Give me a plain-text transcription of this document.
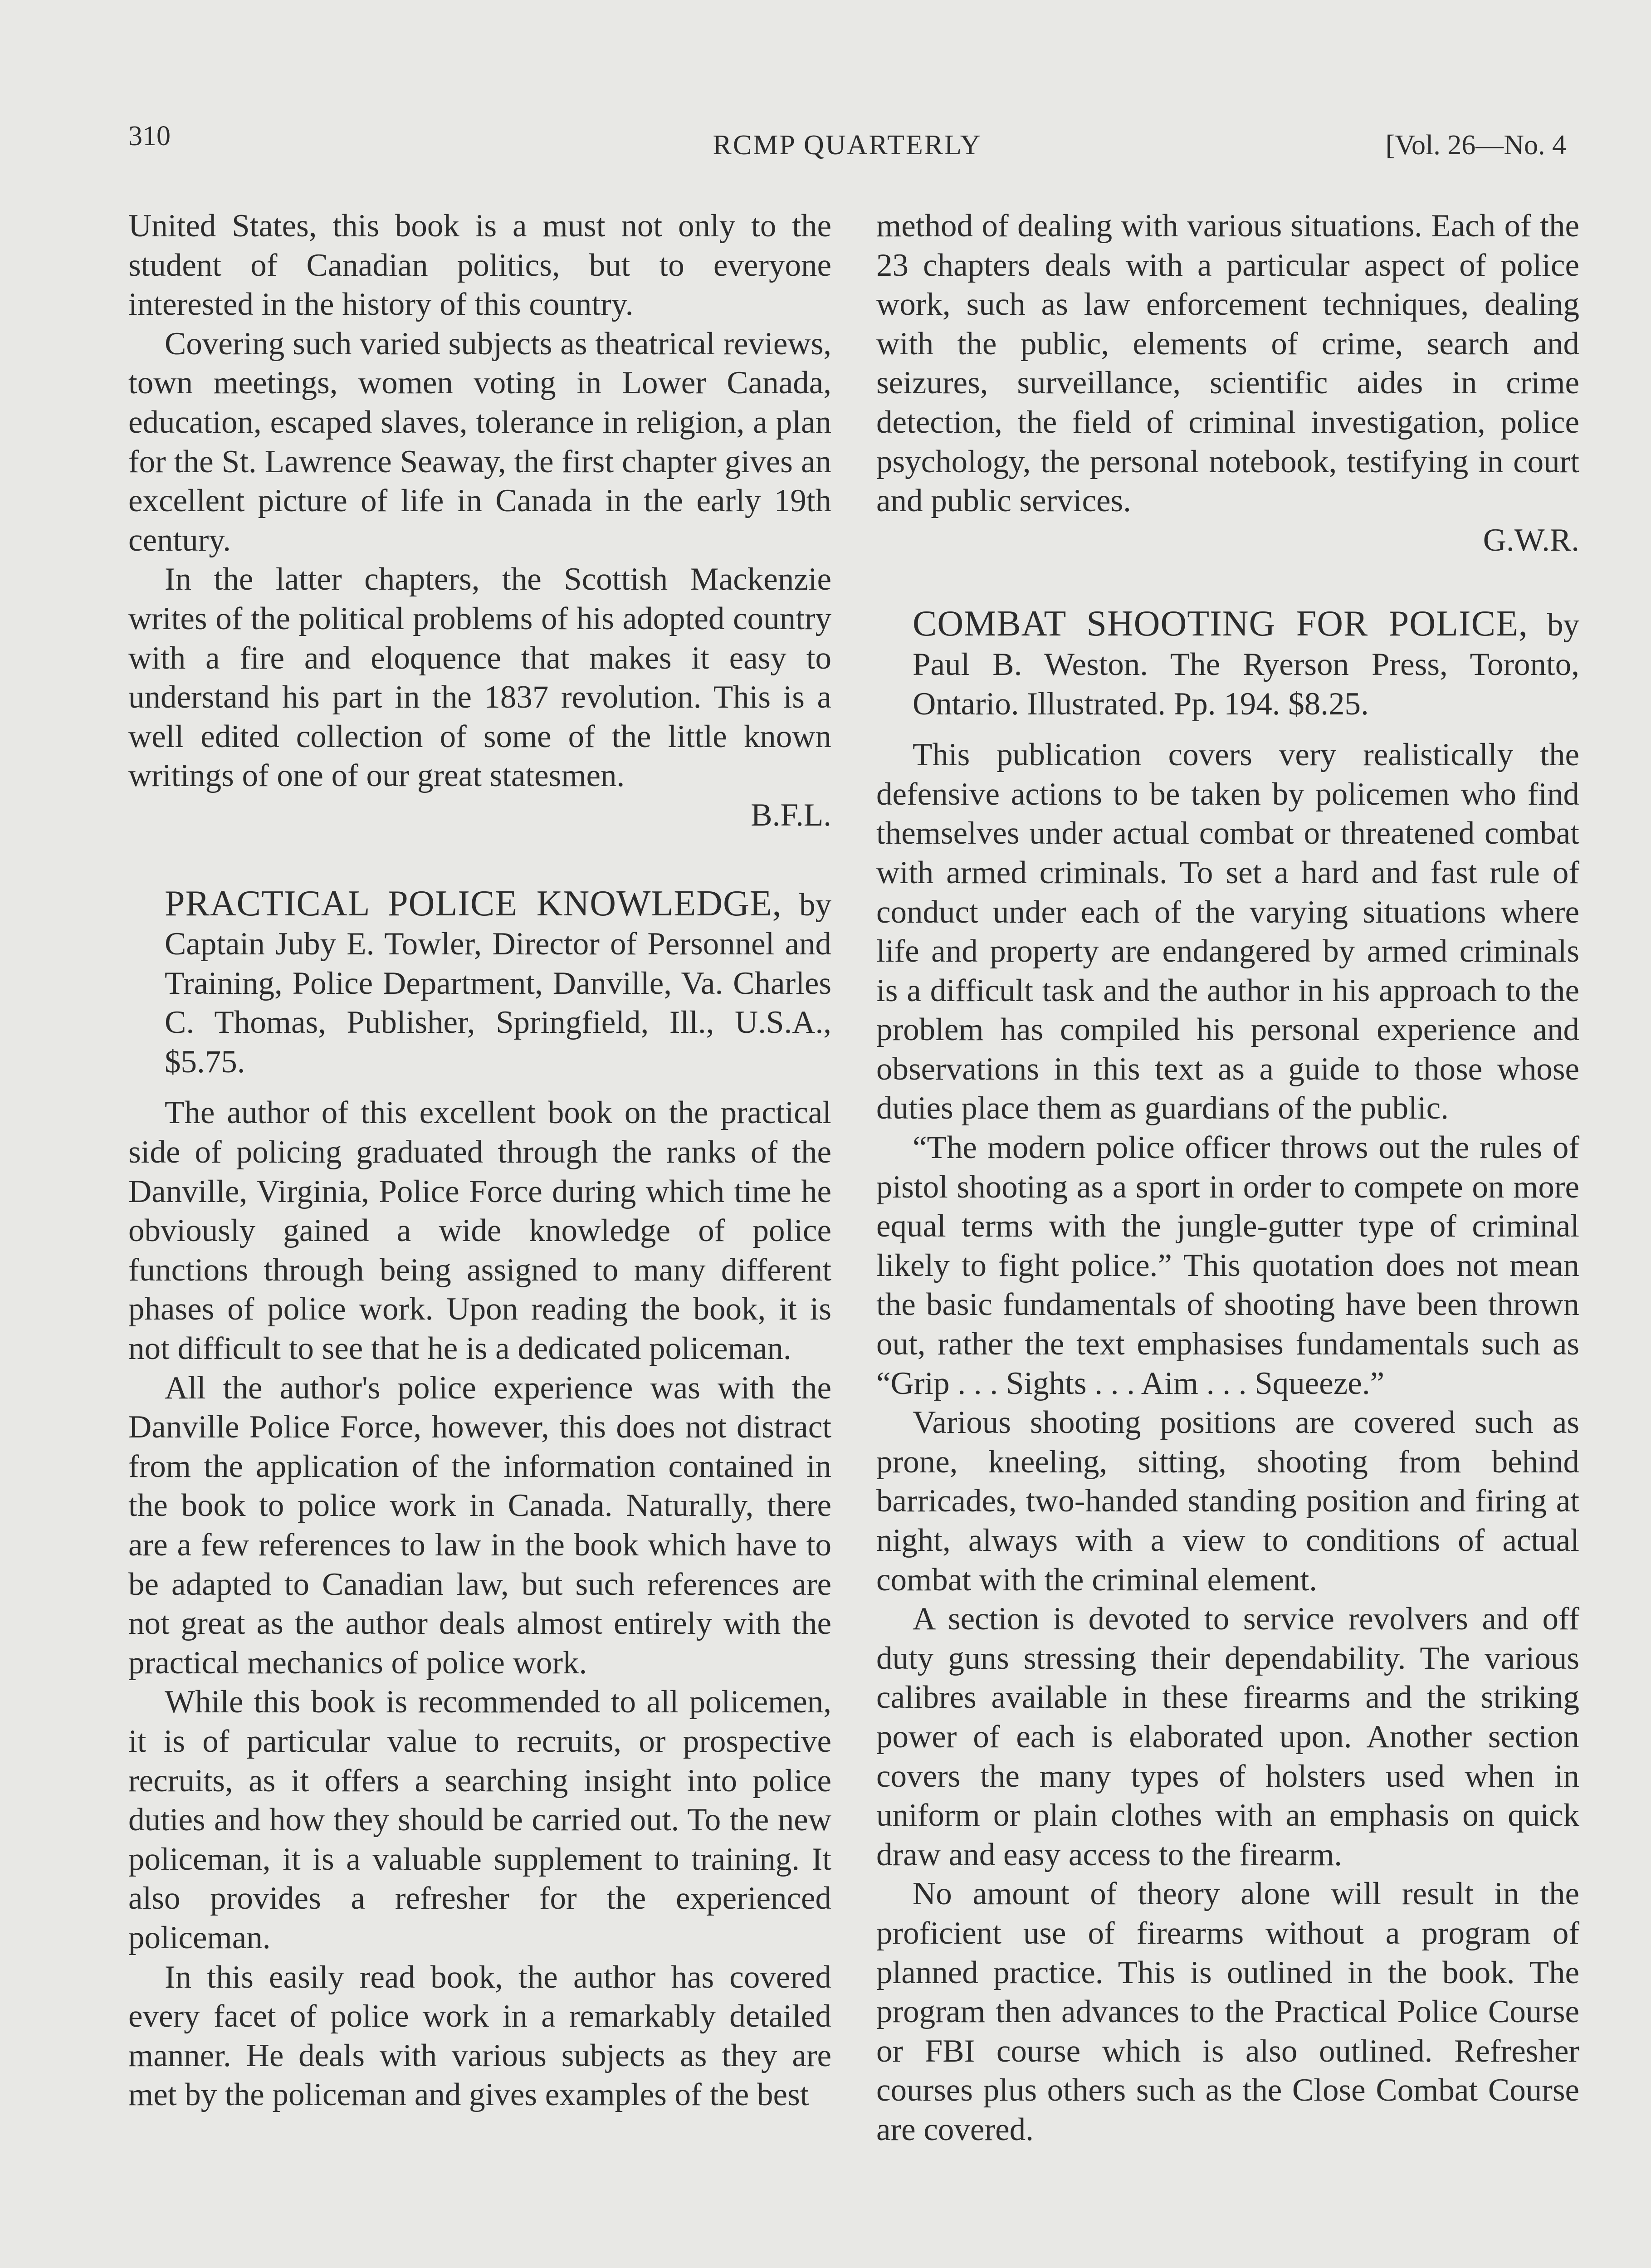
310	RCMP QUARTERLY	[Vol. 26—No. 4

United States, this book is a must not only to the student of Canadian politics, but to everyone interested in the history of this country.

Covering such varied subjects as theatrical reviews, town meetings, women voting in Lower Canada, education, escaped slaves, tolerance in religion, a plan for the St. Lawrence Seaway, the first chapter gives an excellent picture of life in Canada in the early 19th century.

In the latter chapters, the Scottish Mackenzie writes of the political problems of his adopted country with a fire and eloquence that makes it easy to understand his part in the 1837 revolution. This is a well edited collection of some of the little known writings of one of our great statesmen.

B.F.L.

PRACTICAL POLICE KNOWLEDGE, by Captain Juby E. Towler, Director of Personnel and Training, Police Department, Danville, Va. Charles C. Thomas, Publisher, Springfield, Ill., U.S.A., $5.75.

The author of this excellent book on the practical side of policing graduated through the ranks of the Danville, Virginia, Police Force during which time he obviously gained a wide knowledge of police functions through being assigned to many different phases of police work. Upon reading the book, it is not difficult to see that he is a dedicated policeman.

All the author's police experience was with the Danville Police Force, however, this does not distract from the application of the information contained in the book to police work in Canada. Naturally, there are a few references to law in the book which have to be adapted to Canadian law, but such references are not great as the author deals almost entirely with the practical mechanics of police work.

While this book is recommended to all policemen, it is of particular value to recruits, or prospective recruits, as it offers a searching insight into police duties and how they should be carried out. To the new policeman, it is a valuable supplement to training. It also provides a refresher for the experienced policeman.

In this easily read book, the author has covered every facet of police work in a remarkably detailed manner. He deals with various subjects as they are met by the policeman and gives examples of the best

method of dealing with various situations. Each of the 23 chapters deals with a particular aspect of police work, such as law enforcement techniques, dealing with the public, elements of crime, search and seizures, surveillance, scientific aides in crime detection, the field of criminal investigation, police psychology, the personal notebook, testifying in court and public services.

G.W.R.

COMBAT SHOOTING FOR POLICE, by Paul B. Weston. The Ryerson Press, Toronto, Ontario. Illustrated. Pp. 194. $8.25.

This publication covers very realistically the defensive actions to be taken by policemen who find themselves under actual combat or threatened combat with armed criminals. To set a hard and fast rule of conduct under each of the varying situations where life and property are endangered by armed criminals is a difficult task and the author in his approach to the problem has compiled his personal experience and observations in this text as a guide to those whose duties place them as guardians of the public.

“The modern police officer throws out the rules of pistol shooting as a sport in order to compete on more equal terms with the jungle-gutter type of criminal likely to fight police.” This quotation does not mean the basic fundamentals of shooting have been thrown out, rather the text emphasises fundamentals such as “Grip . . . Sights . . . Aim . . . Squeeze.”

Various shooting positions are covered such as prone, kneeling, sitting, shooting from behind barricades, two-handed standing position and firing at night, always with a view to conditions of actual combat with the criminal element.

A section is devoted to service revolvers and off duty guns stressing their dependability. The various calibres available in these firearms and the striking power of each is elaborated upon. Another section covers the many types of holsters used when in uniform or plain clothes with an emphasis on quick draw and easy access to the firearm.

No amount of theory alone will result in the proficient use of firearms without a program of planned practice. This is outlined in the book. The program then advances to the Practical Police Course or FBI course which is also outlined. Refresher courses plus others such as the Close Combat Course are covered.
